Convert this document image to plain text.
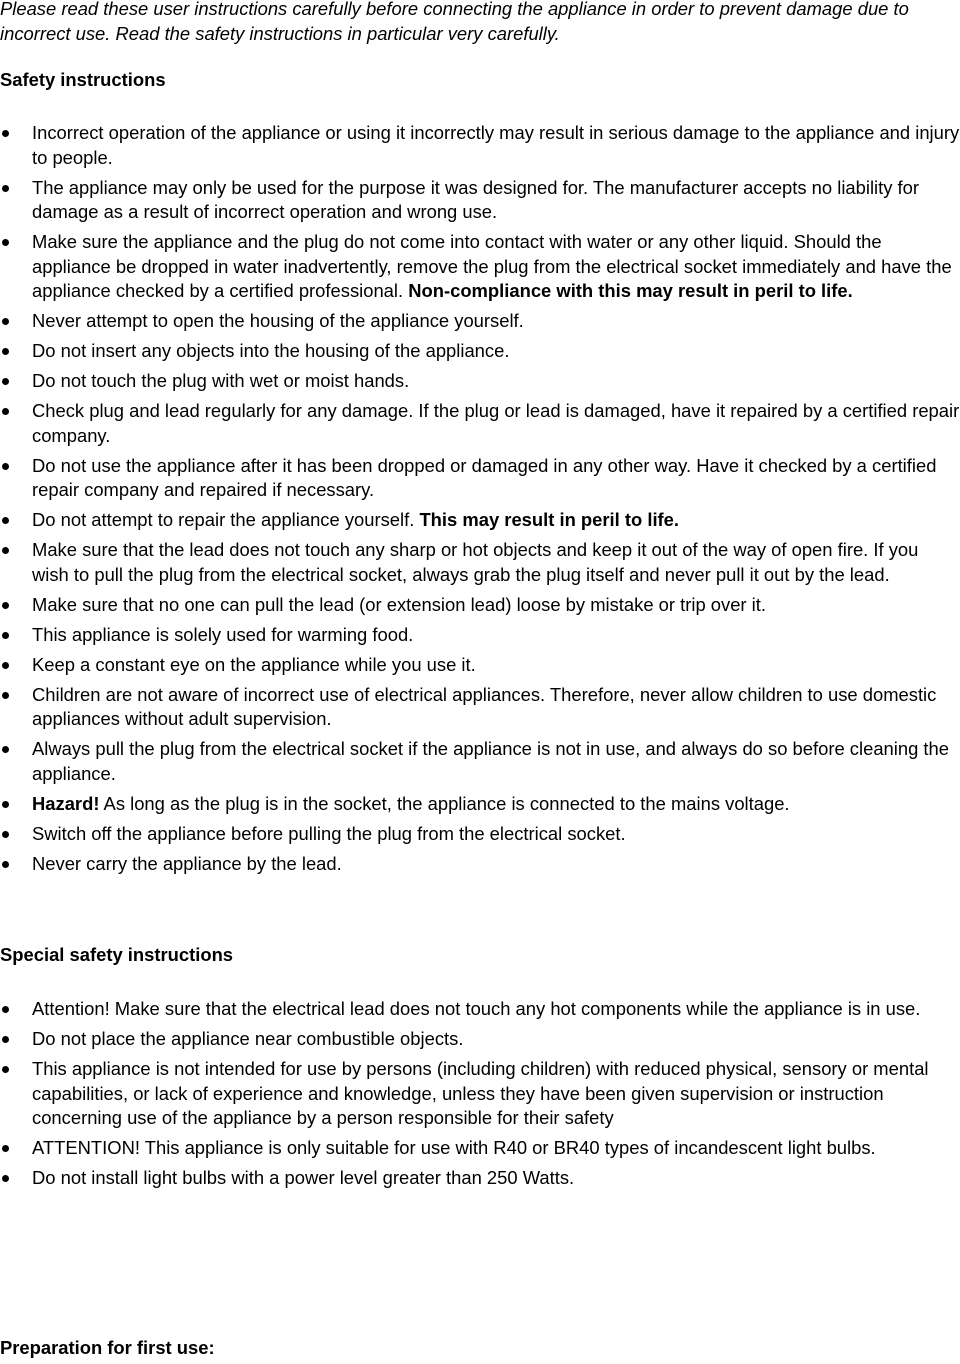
Please read these user instructions carefully before connecting the appliance in order to prevent damage due to incorrect use. Read the safety instructions in particular very carefully.
Safety instructions
Incorrect operation of the appliance or using it incorrectly may result in serious damage to the appliance and injury to people.
The appliance may only be used for the purpose it was designed for. The manufacturer accepts no liability for damage as a result of incorrect operation and wrong use.
Make sure the appliance and the plug do not come into contact with water or any other liquid. Should the appliance be dropped in water inadvertently, remove the plug from the electrical socket immediately and have the appliance checked by a certified professional. Non-compliance with this may result in peril to life.
Never attempt to open the housing of the appliance yourself.
Do not insert any objects into the housing of the appliance.
Do not touch the plug with wet or moist hands.
Check plug and lead regularly for any damage. If the plug or lead is damaged, have it repaired by a certified repair company.
Do not use the appliance after it has been dropped or damaged in any other way. Have it checked by a certified repair company and repaired if necessary.
Do not attempt to repair the appliance yourself. This may result in peril to life.
Make sure that the lead does not touch any sharp or hot objects and keep it out of the way of open fire. If you wish to pull the plug from the electrical socket, always grab the plug itself and never pull it out by the lead.
Make sure that no one can pull the lead (or extension lead) loose by mistake or trip over it.
This appliance is solely used for warming food.
Keep a constant eye on the appliance while you use it.
Children are not aware of incorrect use of electrical appliances. Therefore, never allow children to use domestic appliances without adult supervision.
Always pull the plug from the electrical socket if the appliance is not in use, and always do so before cleaning the appliance.
Hazard! As long as the plug is in the socket, the appliance is connected to the mains voltage.
Switch off the appliance before pulling the plug from the electrical socket.
Never carry the appliance by the lead.
Special safety instructions
Attention! Make sure that the electrical lead does not touch any hot components while the appliance is in use.
Do not place the appliance near combustible objects.
This appliance is not intended for use by persons (including children) with reduced physical, sensory or mental capabilities, or lack of experience and knowledge, unless they have been given supervision or instruction concerning use of the appliance by a person responsible for their safety
ATTENTION! This appliance is only suitable for use with R40 or BR40 types of incandescent light bulbs.
Do not install light bulbs with a power level greater than 250 Watts.
Preparation for first use:
